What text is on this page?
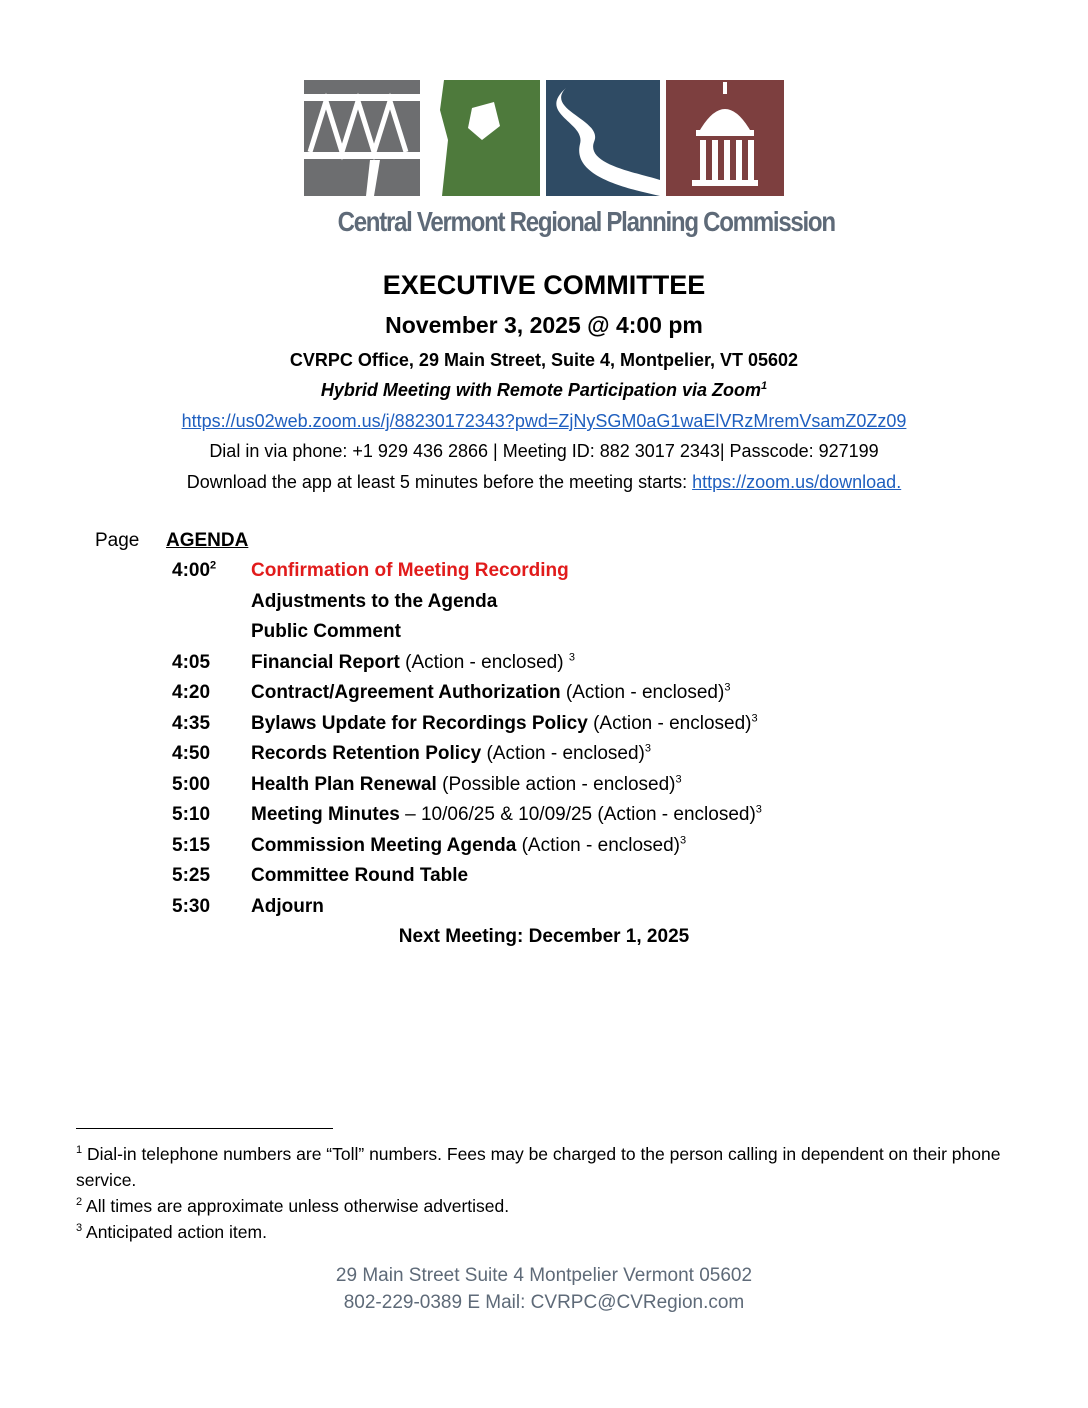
Central Vermont Regional Planning Commission
EXECUTIVE COMMITTEE
November 3, 2025 @ 4:00 pm
CVRPC Office, 29 Main Street, Suite 4, Montpelier, VT 05602
Hybrid Meeting with Remote Participation via Zoom$^1$
https://us02web.zoom.us/j/88230172343?pwd=ZjNySGM0aG1waElVRzMremVsamZ0Zz09
Dial in via phone: +1 929 436 2866 | Meeting ID: 882 3017 2343| Passcode: 927199
Download the app at least 5 minutes before the meeting starts: https://zoom.us/download.
Page AGENDA
$4:00^2$ Confirmation of Meeting Recording
Adjustments to the Agenda
Public Comment
4:05 Financial Report (Action - enclosed) $^3$
4:20 Contract/Agreement Authorization (Action - enclosed)$^3$
4:35 Bylaws Update for Recordings Policy (Action - enclosed)$^3$
4:50 Records Retention Policy (Action - enclosed)$^3$
5:00 Health Plan Renewal (Possible action - enclosed)$^3$
5:10 Meeting Minutes – 10/06/25 & 10/09/25 (Action - enclosed)$^3$
5:15 Commission Meeting Agenda (Action - enclosed)$^3$
5:25 Committee Round Table
5:30 Adjourn
Next Meeting: December 1, 2025
$^1$ Dial-in telephone numbers are “Toll” numbers. Fees may be charged to the person calling in dependent on their phone service.
$^2$ All times are approximate unless otherwise advertised.
$^3$ Anticipated action item.
29 Main Street Suite 4 Montpelier Vermont 05602
802-229-0389 E Mail: CVRPC@CVRegion.com
